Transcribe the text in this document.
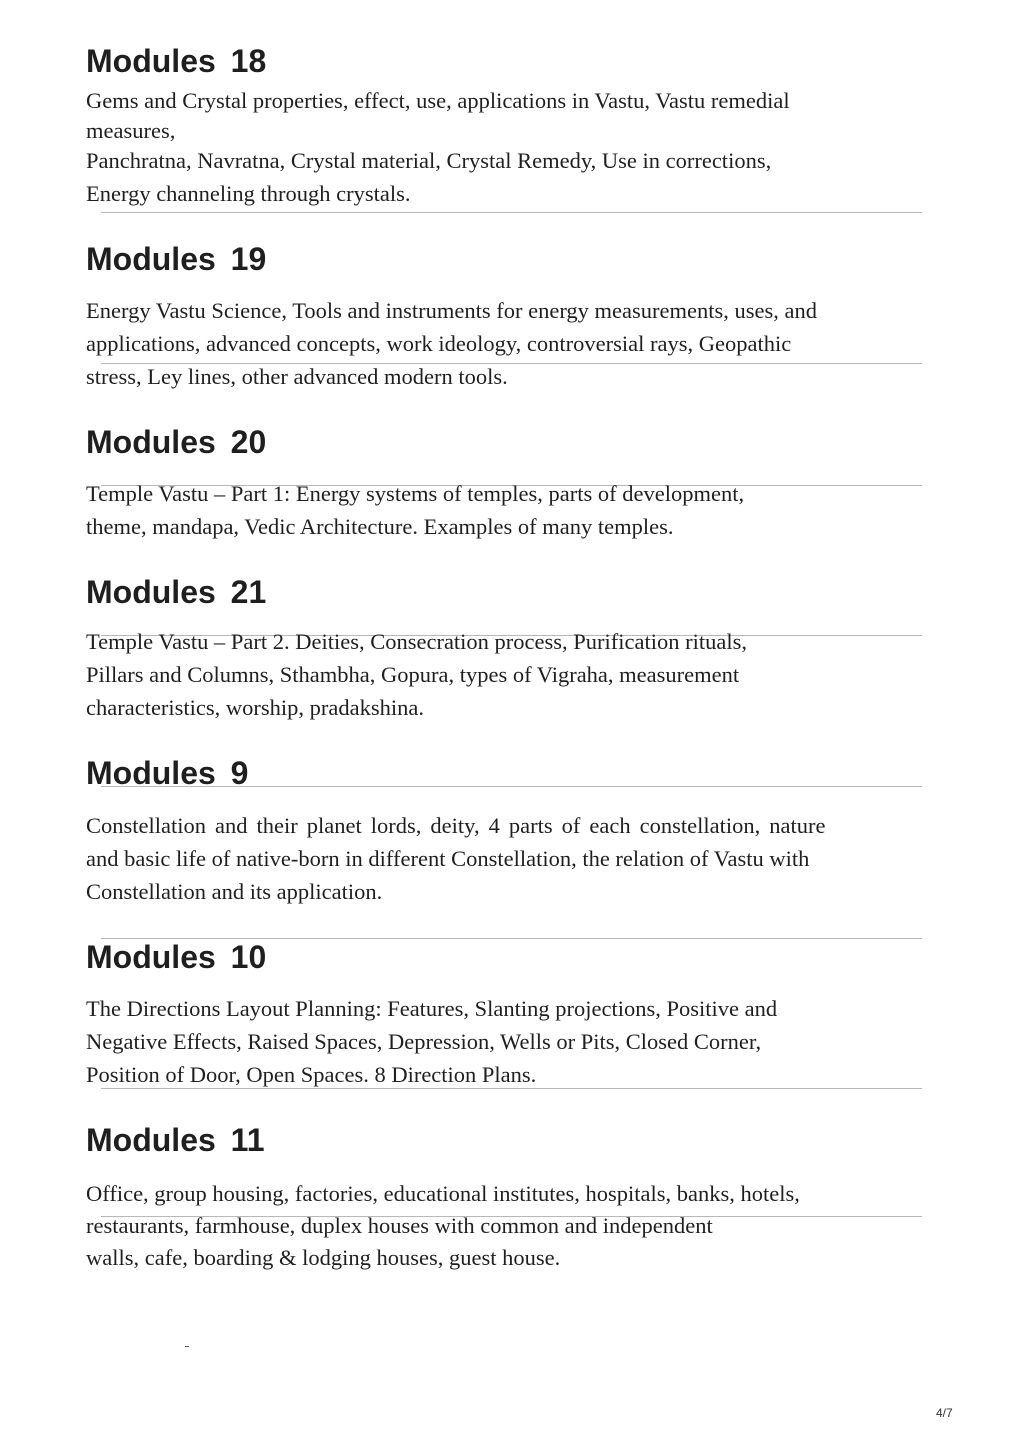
Modules 18
Gems and Crystal properties, effect, use, applications in Vastu, Vastu remedial
measures,
Panchratna, Navratna, Crystal material, Crystal Remedy, Use in corrections,
Energy channeling through crystals.
Modules 19
Energy Vastu Science, Tools and instruments for energy measurements, uses, and
applications, advanced concepts, work ideology, controversial rays, Geopathic
stress, Ley lines, other advanced modern tools.
Modules 20
Temple Vastu – Part 1: Energy systems of temples, parts of development,
theme, mandapa, Vedic Architecture. Examples of many temples.
Modules 21
Temple Vastu – Part 2. Deities, Consecration process, Purification rituals,
Pillars and Columns, Sthambha, Gopura, types of Vigraha, measurement
characteristics, worship, pradakshina.
Modules 9
Constellation and their planet lords, deity, 4 parts of each constellation, nature
and basic life of native-born in different Constellation, the relation of Vastu with
Constellation and its application.
Modules 10
The Directions Layout Planning: Features, Slanting projections, Positive and
Negative Effects, Raised Spaces, Depression, Wells or Pits, Closed Corner,
Position of Door, Open Spaces. 8 Direction Plans.
Modules 11
Office, group housing, factories, educational institutes, hospitals, banks, hotels,
restaurants, farmhouse, duplex houses with common and independent
walls, cafe, boarding & lodging houses, guest house.
4/7
